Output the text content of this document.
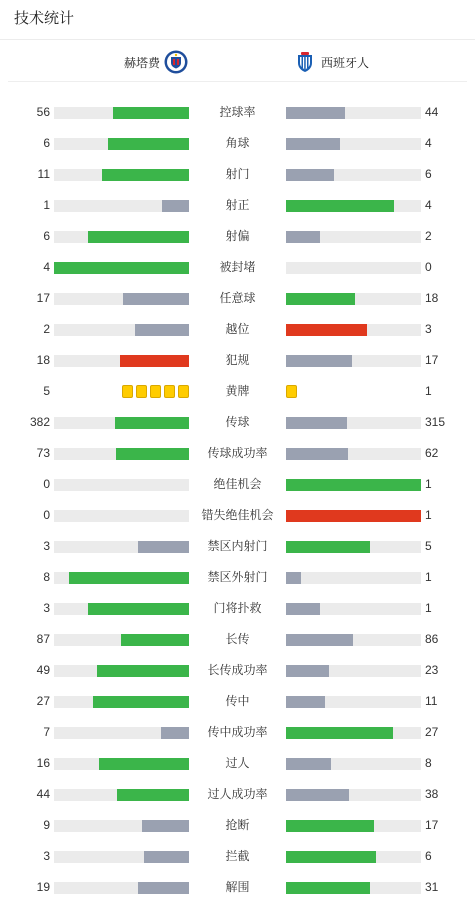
技术统计
赫塔费	西班牙人
56	控球率	44
6	角球	4
11	射门	6
1	射正	4
6	射偏	2
4	被封堵	0
17	任意球	18
2	越位	3
18	犯规	17
5	黄牌	1
382	传球	315
73	传球成功率	62
0	绝佳机会	1
0	错失绝佳机会	1
3	禁区内射门	5
8	禁区外射门	1
3	门将扑救	1
87	长传	86
49	长传成功率	23
27	传中	11
7	传中成功率	27
16	过人	8
44	过人成功率	38
9	抢断	17
3	拦截	6
19	解围	31
